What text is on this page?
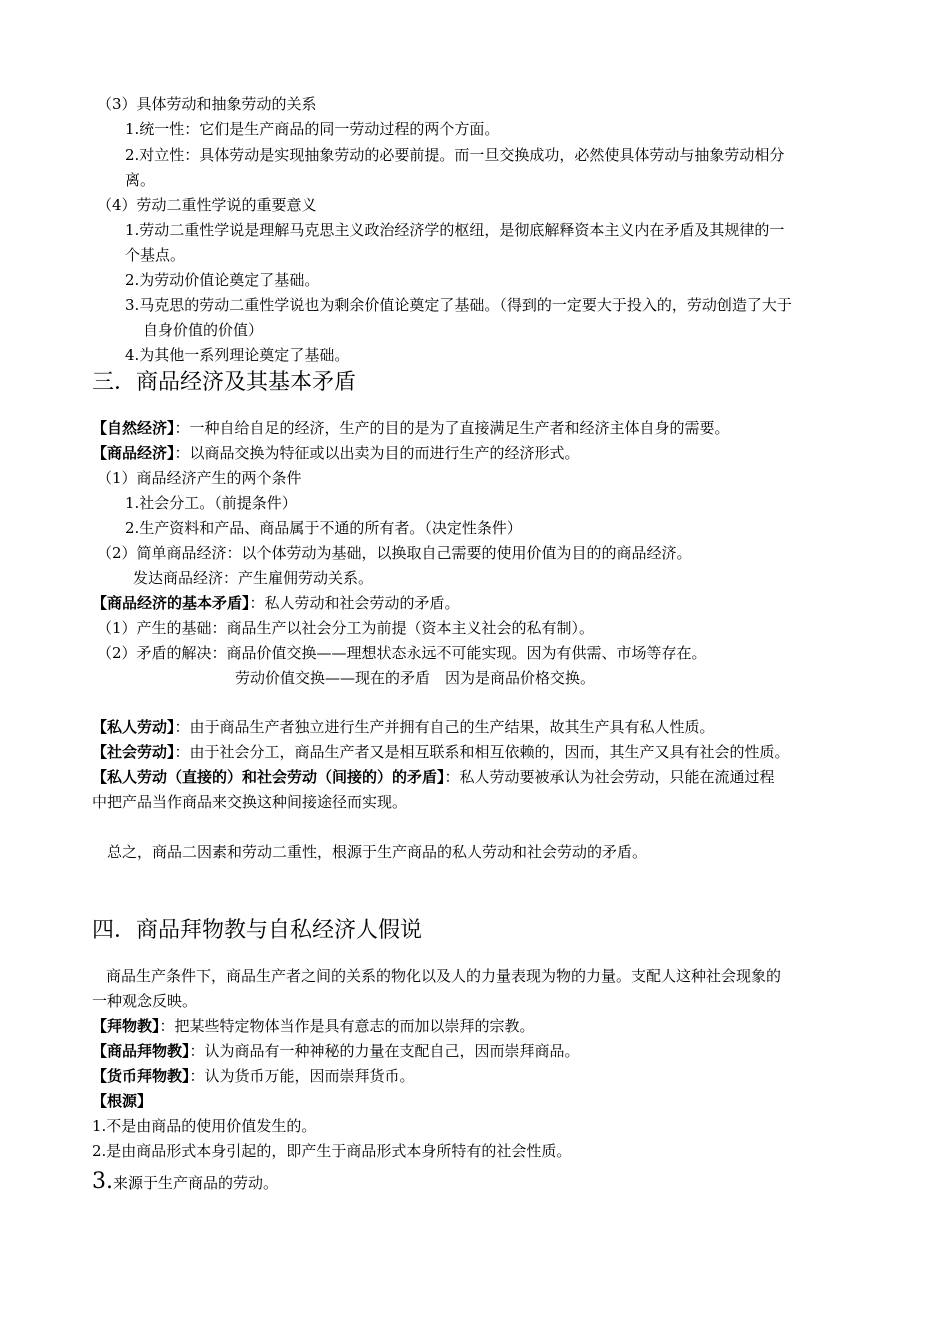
（3）具体劳动和抽象劳动的关系
1.统一性：它们是生产商品的同一劳动过程的两个方面。
2.对立性：具体劳动是实现抽象劳动的必要前提。而一旦交换成功，必然使具体劳动与抽象劳动相分
离。
（4）劳动二重性学说的重要意义
1.劳动二重性学说是理解马克思主义政治经济学的枢纽，是彻底解释资本主义内在矛盾及其规律的一
个基点。
2.为劳动价值论奠定了基础。
3.马克思的劳动二重性学说也为剩余价值论奠定了基础。（得到的一定要大于投入的，劳动创造了大于
自身价值的价值）
4.为其他一系列理论奠定了基础。
三．商品经济及其基本矛盾
【自然经济】：一种自给自足的经济，生产的目的是为了直接满足生产者和经济主体自身的需要。
【商品经济】：以商品交换为特征或以出卖为目的而进行生产的经济形式。
（1）商品经济产生的两个条件
1.社会分工。（前提条件）
2.生产资料和产品、商品属于不通的所有者。（决定性条件）
（2）简单商品经济：以个体劳动为基础，以换取自己需要的使用价值为目的的商品经济。
发达商品经济：产生雇佣劳动关系。
【商品经济的基本矛盾】：私人劳动和社会劳动的矛盾。
（1）产生的基础：商品生产以社会分工为前提（资本主义社会的私有制）。
（2）矛盾的解决：商品价值交换——理想状态永远不可能实现。因为有供需、市场等存在。
劳动价值交换——现在的矛盾　因为是商品价格交换。
【私人劳动】：由于商品生产者独立进行生产并拥有自己的生产结果，故其生产具有私人性质。
【社会劳动】：由于社会分工，商品生产者又是相互联系和相互依赖的，因而，其生产又具有社会的性质。
【私人劳动（直接的）和社会劳动（间接的）的矛盾】：私人劳动要被承认为社会劳动，只能在流通过程
中把产品当作商品来交换这种间接途径而实现。
总之，商品二因素和劳动二重性，根源于生产商品的私人劳动和社会劳动的矛盾。
四．商品拜物教与自私经济人假说
商品生产条件下，商品生产者之间的关系的物化以及人的力量表现为物的力量。支配人这种社会现象的
一种观念反映。
【拜物教】：把某些特定物体当作是具有意志的而加以崇拜的宗教。
【商品拜物教】：认为商品有一种神秘的力量在支配自己，因而崇拜商品。
【货币拜物教】：认为货币万能，因而崇拜货币。
【根源】
1.不是由商品的使用价值发生的。
2.是由商品形式本身引起的，即产生于商品形式本身所特有的社会性质。
3.来源于生产商品的劳动。
